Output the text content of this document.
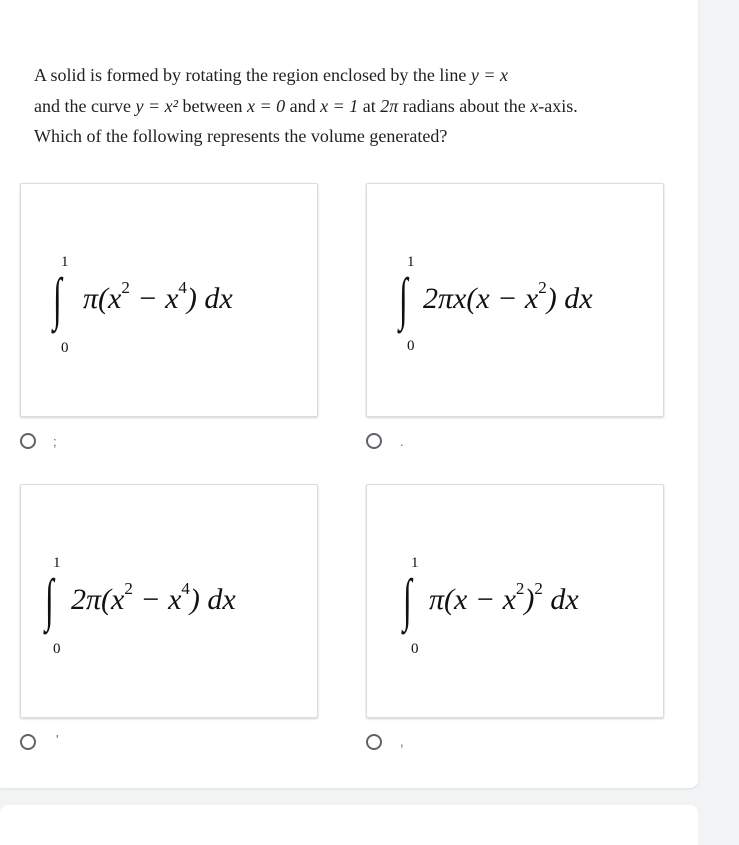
A solid is formed by rotating the region enclosed by the line y = x
and the curve y = x² between x = 0 and x = 1 at 2π radians about the x-axis.
Which of the following represents the volume generated?
1
∫
0
$\pi(x^2 - x^4)$ dx
;
1
∫
0
$2\pi x(x - x^2)$ dx
.
1
∫
0
$2\pi(x^2 - x^4)$ dx
'
1
∫
0
$\pi(x - x^2)^2$ dx
,
